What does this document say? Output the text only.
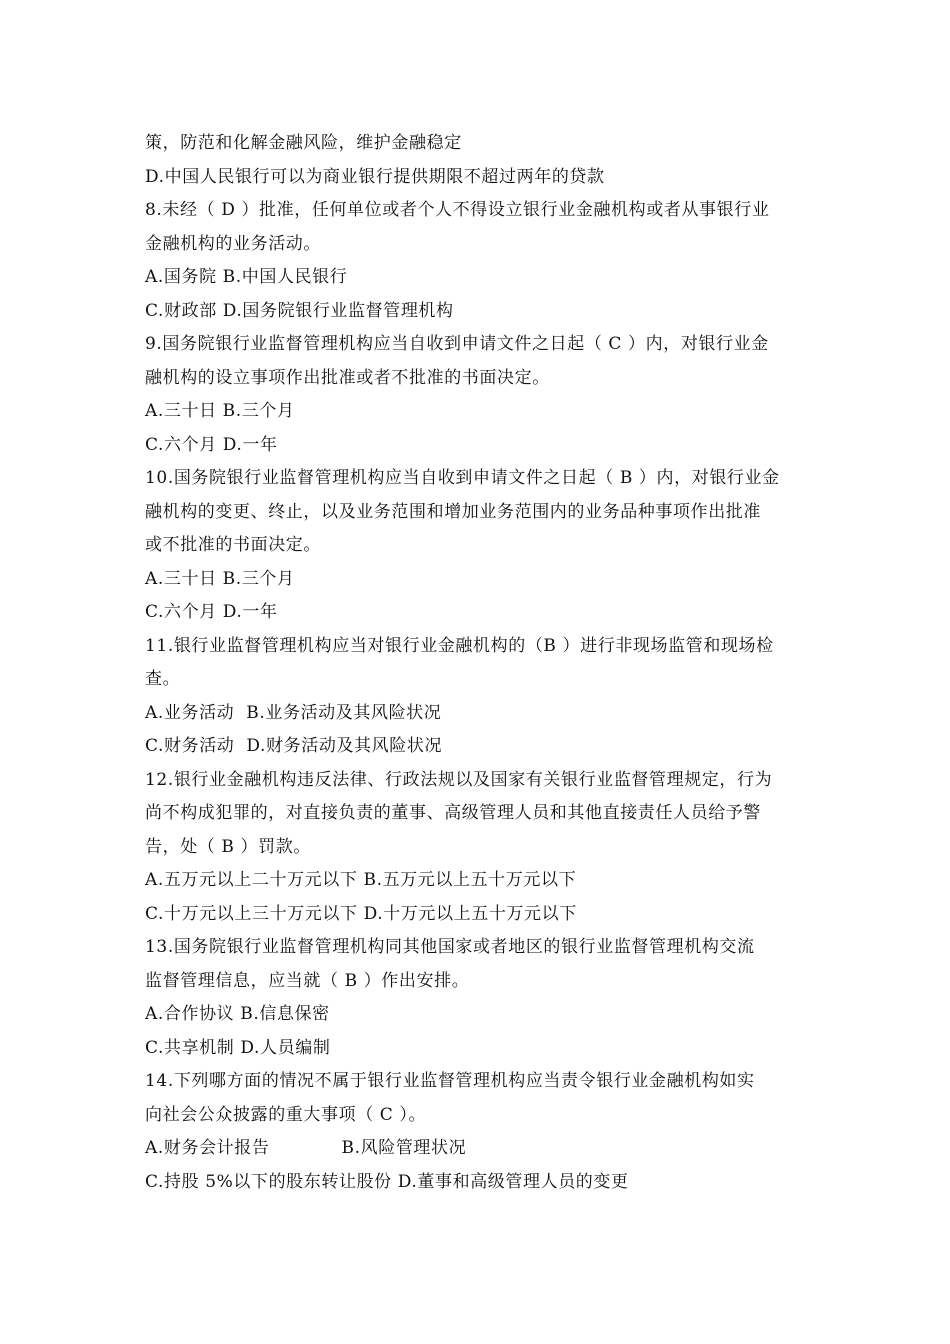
策，防范和化解金融风险，维护金融稳定
D.中国人民银行可以为商业银行提供期限不超过两年的贷款
8.未经（ D ）批准，任何单位或者个人不得设立银行业金融机构或者从事银行业
金融机构的业务活动。
A.国务院 B.中国人民银行
C.财政部 D.国务院银行业监督管理机构
9.国务院银行业监督管理机构应当自收到申请文件之日起（ C ）内，对银行业金
融机构的设立事项作出批准或者不批准的书面决定。
A.三十日 B.三个月
C.六个月 D.一年
10.国务院银行业监督管理机构应当自收到申请文件之日起（ B ）内，对银行业金
融机构的变更、终止，以及业务范围和增加业务范围内的业务品种事项作出批准
或不批准的书面决定。
A.三十日 B.三个月
C.六个月 D.一年
11.银行业监督管理机构应当对银行业金融机构的（B ）进行非现场监管和现场检
查。
A.业务活动  B.业务活动及其风险状况
C.财务活动  D.财务活动及其风险状况
12.银行业金融机构违反法律、行政法规以及国家有关银行业监督管理规定，行为
尚不构成犯罪的，对直接负责的董事、高级管理人员和其他直接责任人员给予警
告，处（ B ）罚款。
A.五万元以上二十万元以下 B.五万元以上五十万元以下
C.十万元以上三十万元以下 D.十万元以上五十万元以下
13.国务院银行业监督管理机构同其他国家或者地区的银行业监督管理机构交流
监督管理信息，应当就（ B ）作出安排。
A.合作协议 B.信息保密
C.共享机制 D.人员编制
14.下列哪方面的情况不属于银行业监督管理机构应当责令银行业金融机构如实
向社会公众披露的重大事项（ C ）。
A.财务会计报告            B.风险管理状况
C.持股 5%以下的股东转让股份 D.董事和高级管理人员的变更
